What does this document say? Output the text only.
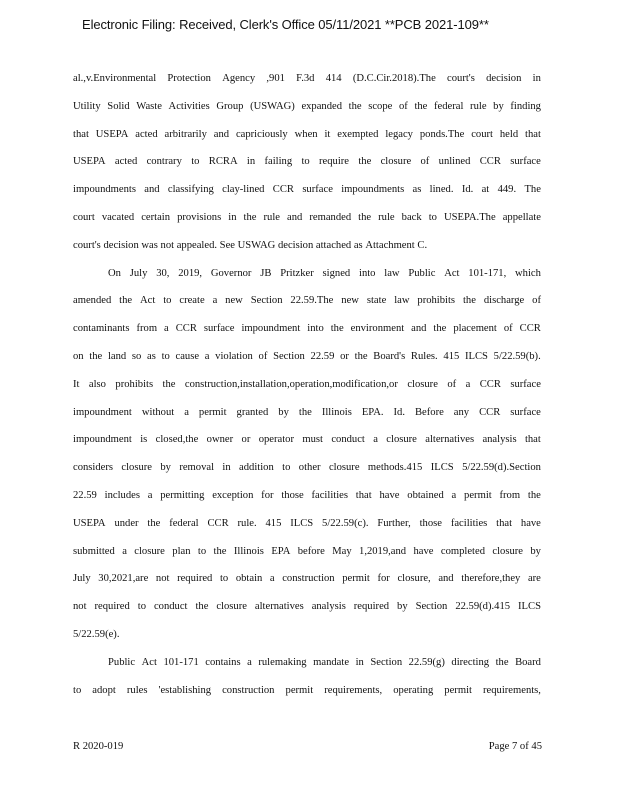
Electronic Filing: Received, Clerk's Office 05/11/2021 **PCB 2021-109**
al.,v.Environmental Protection Agency ,901 F.3d 414 (D.C.Cir.2018).The court's decision in
Utility Solid Waste Activities Group (USWAG) expanded the scope of the federal rule by finding
that USEPA acted arbitrarily and capriciously when it exempted legacy ponds.The court held that
USEPA acted contrary to RCRA in failing to require the closure of unlined CCR surface
impoundments and classifying clay-lined CCR surface impoundments as lined. Id. at 449. The
court vacated certain provisions in the rule and remanded the rule back to USEPA.The appellate
court's decision was not appealed. See USWAG decision attached as Attachment C.
On July 30, 2019, Governor JB Pritzker signed into law Public Act 101-171, which
amended the Act to create a new Section 22.59.The new state law prohibits the discharge of
contaminants from a CCR surface impoundment into the environment and the placement of CCR
on the land so as to cause a violation of Section 22.59 or the Board's Rules. 415 ILCS 5/22.59(b).
It also prohibits the construction,installation,operation,modification,or closure of a CCR surface
impoundment without a permit granted by the Illinois EPA. Id. Before any CCR surface
impoundment is closed,the owner or operator must conduct a closure alternatives analysis that
considers closure by removal in addition to other closure methods.415 ILCS 5/22.59(d).Section
22.59 includes a permitting exception for those facilities that have obtained a permit from the
USEPA under the federal CCR rule. 415 ILCS 5/22.59(c). Further, those facilities that have
submitted a closure plan to the Illinois EPA before May 1,2019,and have completed closure by
July 30,2021,are not required to obtain a construction permit for closure, and therefore,they are
not required to conduct the closure alternatives analysis required by Section 22.59(d).415 ILCS
5/22.59(e).
Public Act 101-171 contains a rulemaking mandate in Section 22.59(g) directing the Board
to adopt rules 'establishing construction permit requirements, operating permit requirements,
R 2020-019	Page 7 of 45
